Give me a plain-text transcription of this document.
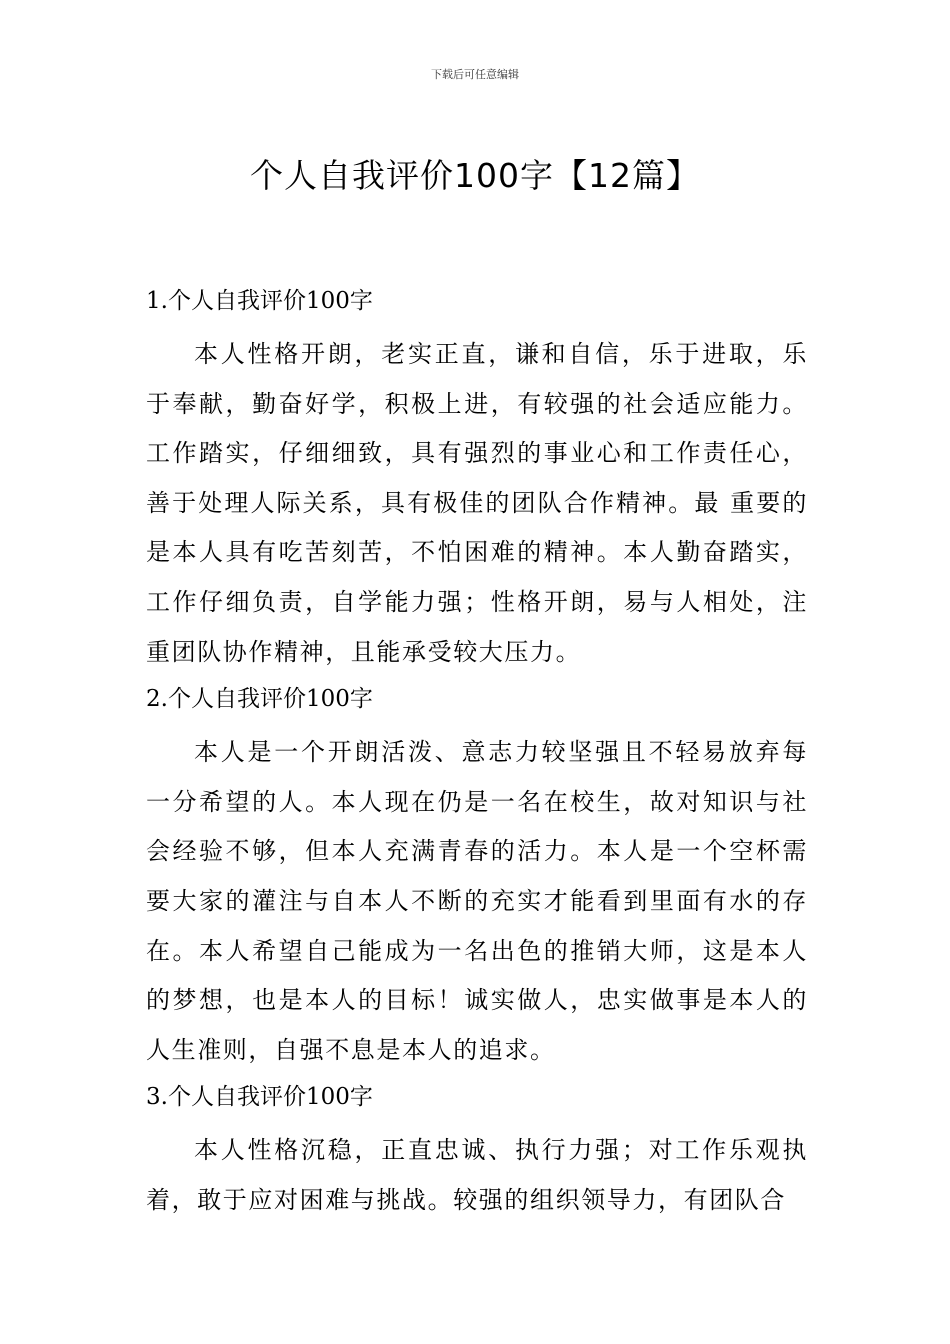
下载后可任意编辑
个人自我评价100字【12篇】
1.个人自我评价100字

本人性格开朗，老实正直，谦和自信，乐于进取，乐于奉献，勤奋好学，积极上进，有较强的社会适应能力。工作踏实，仔细细致，具有强烈的事业心和工作责任心，善于处理人际关系，具有极佳的团队合作精神。最 重要的是本人具有吃苦刻苦，不怕困难的精神。本人勤奋踏实，工作仔细负责，自学能力强；性格开朗，易与人相处，注重团队协作精神，且能承受较大压力。

2.个人自我评价100字

本人是一个开朗活泼、意志力较坚强且不轻易放弃每一分希望的人。本人现在仍是一名在校生，故对知识与社会经验不够，但本人充满青春的活力。本人是一个空杯需要大家的灌注与自本人不断的充实才能看到里面有水的存在。本人希望自己能成为一名出色的推销大师，这是本人的梦想，也是本人的目标！诚实做人，忠实做事是本人的人生准则，自强不息是本人的追求。

3.个人自我评价100字

本人性格沉稳，正直忠诚、执行力强；对工作乐观执着，敢于应对困难与挑战。较强的组织领导力，有团队合
